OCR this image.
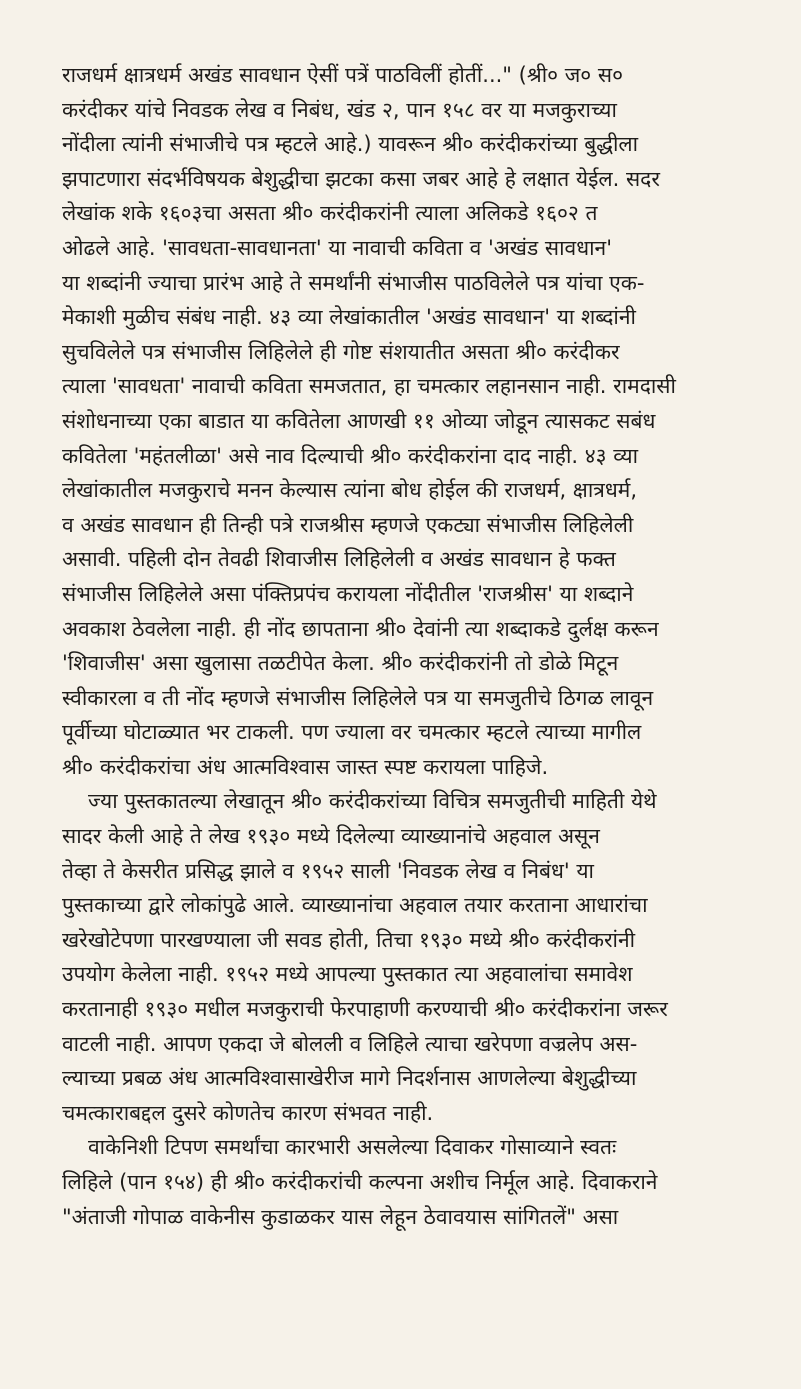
राजधर्म क्षात्रधर्म अखंड सावधान ऐसीं पत्रें पाठविलीं होतीं..." (श्री० ज० स०
करंदीकर यांचे निवडक लेख व निबंध, खंड २, पान १५८ वर या मजकुराच्या
नोंदीला त्यांनी संभाजीचे पत्र म्हटले आहे.) यावरून श्री० करंदीकरांच्या बुद्धीला
झपाटणारा संदर्भविषयक बेशुद्धीचा झटका कसा जबर आहे हे लक्षात येईल. सदर
लेखांक शके १६०३चा असता श्री० करंदीकरांनी त्याला अलिकडे १६०२ त
ओढले आहे. 'सावधता-सावधानता' या नावाची कविता व 'अखंड सावधान'
या शब्दांनी ज्याचा प्रारंभ आहे ते समर्थांनी संभाजीस पाठविलेले पत्र यांचा एक-
मेकाशी मुळीच संबंध नाही. ४३ व्या लेखांकातील 'अखंड सावधान' या शब्दांनी
सुचविलेले पत्र संभाजीस लिहिलेले ही गोष्ट संशयातीत असता श्री० करंदीकर
त्याला 'सावधता' नावाची कविता समजतात, हा चमत्कार लहानसान नाही. रामदासी
संशोधनाच्या एका बाडात या कवितेला आणखी ११ ओव्या जोडून त्यासकट सबंध
कवितेला 'महंतलीळा' असे नाव दिल्याची श्री० करंदीकरांना दाद नाही. ४३ व्या
लेखांकातील मजकुराचे मनन केल्यास त्यांना बोध होईल की राजधर्म, क्षात्रधर्म,
व अखंड सावधान ही तिन्ही पत्रे राजश्रीस म्हणजे एकट्या संभाजीस लिहिलेली
असावी. पहिली दोन तेवढी शिवाजीस लिहिलेली व अखंड सावधान हे फक्त
संभाजीस लिहिलेले असा पंक्तिप्रपंच करायला नोंदीतील 'राजश्रीस' या शब्दाने
अवकाश ठेवलेला नाही. ही नोंद छापताना श्री० देवांनी त्या शब्दाकडे दुर्लक्ष करून
'शिवाजीस' असा खुलासा तळटीपेत केला. श्री० करंदीकरांनी तो डोळे मिटून
स्वीकारला व ती नोंद म्हणजे संभाजीस लिहिलेले पत्र या समजुतीचे ठिगळ लावून
पूर्वीच्या घोटाळ्यात भर टाकली. पण ज्याला वर चमत्कार म्हटले त्याच्या मागील
श्री० करंदीकरांचा अंध आत्मविश्वास जास्त स्पष्ट करायला पाहिजे.

ज्या पुस्तकातल्या लेखातून श्री० करंदीकरांच्या विचित्र समजुतीची माहिती येथे
सादर केली आहे ते लेख १९३० मध्ये दिलेल्या व्याख्यानांचे अहवाल असून
तेव्हा ते केसरीत प्रसिद्ध झाले व १९५२ साली 'निवडक लेख व निबंध' या
पुस्तकाच्या द्वारे लोकांपुढे आले. व्याख्यानांचा अहवाल तयार करताना आधारांचा
खरेखोटेपणा पारखण्याला जी सवड होती, तिचा १९३० मध्ये श्री० करंदीकरांनी
उपयोग केलेला नाही. १९५२ मध्ये आपल्या पुस्तकात त्या अहवालांचा समावेश
करतानाही १९३० मधील मजकुराची फेरपाहाणी करण्याची श्री० करंदीकरांना जरूर
वाटली नाही. आपण एकदा जे बोलली व लिहिले त्याचा खरेपणा वज्रलेप अस-
ल्याच्या प्रबळ अंध आत्मविश्वासाखेरीज मागे निदर्शनास आणलेल्या बेशुद्धीच्या
चमत्काराबद्दल दुसरे कोणतेच कारण संभवत नाही.

वाकेनिशी टिपण समर्थांचा कारभारी असलेल्या दिवाकर गोसाव्याने स्वतः
लिहिले (पान १५४) ही श्री० करंदीकरांची कल्पना अशीच निर्मूल आहे. दिवाकराने
"अंताजी गोपाळ वाकेनीस कुडाळकर यास लेहून ठेवावयास सांगितलें" असा
